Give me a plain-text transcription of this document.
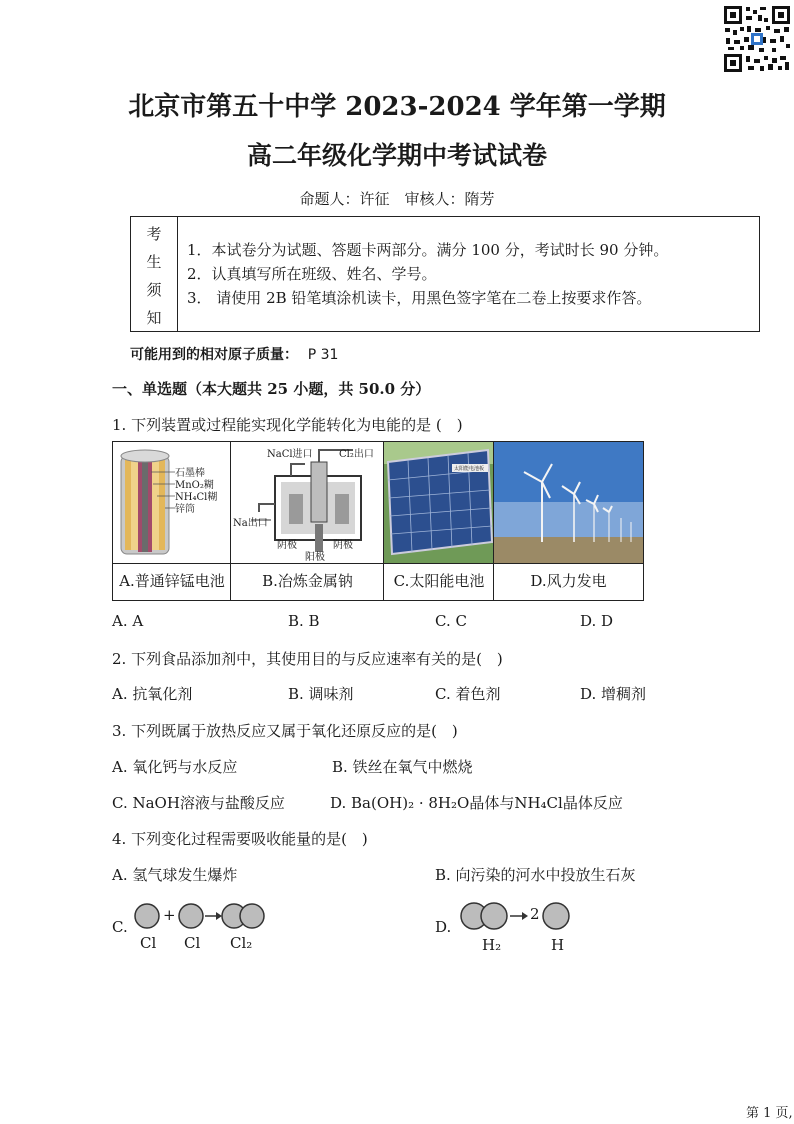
北京市第五十中学 2023-2024 学年第一学期
高二年级化学期中考试试卷
命题人：许征　审核人：隋芳
考
生
须
知
1．本试卷分为试题、答题卡两部分。满分 100 分，考试时长 90 分钟。
2．认真填写所在班级、姓名、学号。
3． 请使用 2B 铅笔填涂机读卡，用黑色签字笔在二卷上按要求作答。
可能用到的相对原子质量： P 31
一、单选题（本大题共 25 小题，共 50.0 分）
1. 下列装置或过程能实现化学能转化为电能的是 (　)
石墨棒
MnO₂糊
NH₄Cl糊
锌筒
NaCl进口	Cl₂出口
Na出口
阴极	阴极
阳极
太阳能电池板
A.普通锌锰电池	B.冶炼金属钠	C.太阳能电池	D.风力发电
A. A	B. B	C. C	D. D
2. 下列食品添加剂中，其使用目的与反应速率有关的是(　)
A. 抗氧化剂	B. 调味剂	C. 着色剂	D. 增稠剂
3. 下列既属于放热反应又属于氧化还原反应的是(　)
A. 氧化钙与水反应	B. 铁丝在氧气中燃烧
C. NaOH溶液与盐酸反应	D. Ba(OH)₂ · 8H₂O晶体与NH₄Cl晶体反应
4. 下列变化过程需要吸收能量的是(　)
A. 氢气球发生爆炸	B. 向污染的河水中投放生石灰
C.
+
Cl Cl Cl₂
D.
2
H₂	H
第 1 页,
